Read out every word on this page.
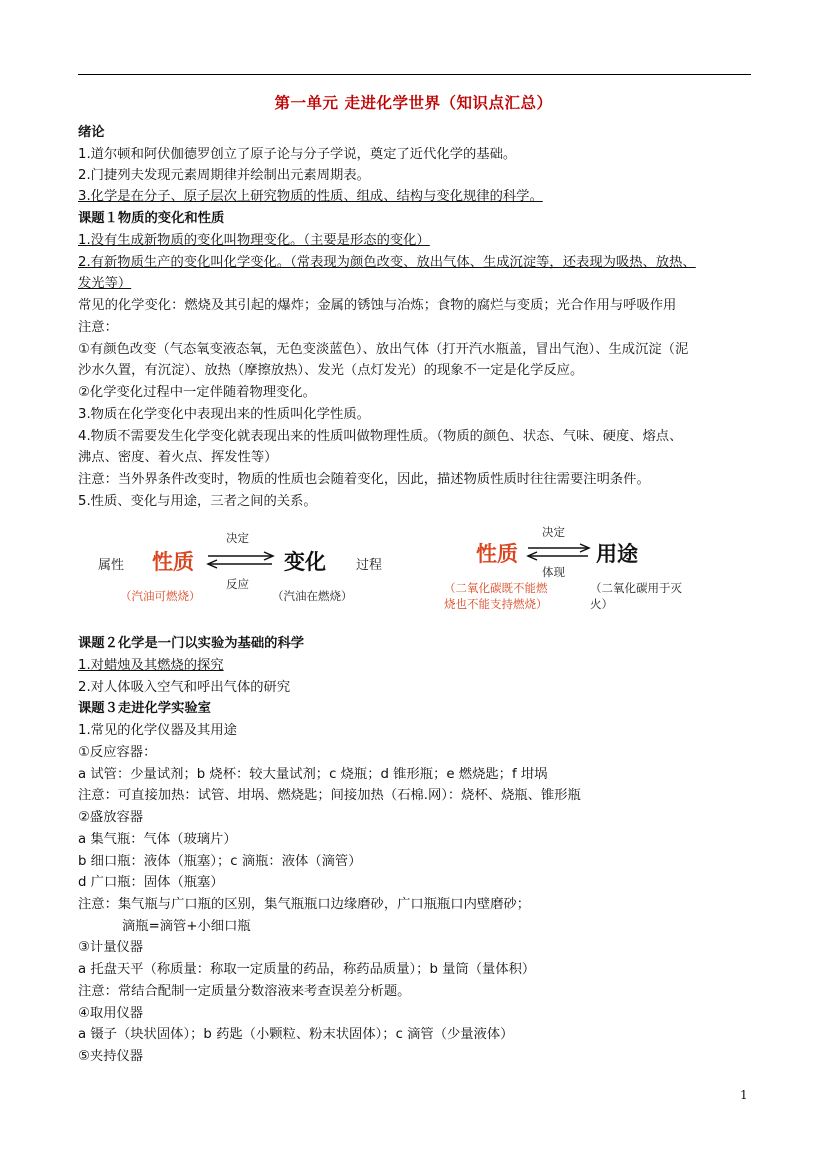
第一单元 走进化学世界（知识点汇总）
绪论
1.道尔顿和阿伏伽德罗创立了原子论与分子学说，奠定了近代化学的基础。
2.门捷列夫发现元素周期律并绘制出元素周期表。
3.化学是在分子、原子层次上研究物质的性质、组成、结构与变化规律的科学。
课题１物质的变化和性质
1.没有生成新物质的变化叫物理变化。（主要是形态的变化）
2.有新物质生产的变化叫化学变化。（常表现为颜色改变、放出气体、生成沉淀等，还表现为吸热、放热、
发光等）
常见的化学变化：燃烧及其引起的爆炸；金属的锈蚀与冶炼；食物的腐烂与变质；光合作用与呼吸作用
注意：
①有颜色改变（气态氧变液态氧，无色变淡蓝色）、放出气体（打开汽水瓶盖，冒出气泡）、生成沉淀（泥
沙水久置，有沉淀）、放热（摩擦放热）、发光（点灯发光）的现象不一定是化学反应。
②化学变化过程中一定伴随着物理变化。
3.物质在化学变化中表现出来的性质叫化学性质。
4.物质不需要发生化学变化就表现出来的性质叫做物理性质。（物质的颜色、状态、气味、硬度、熔点、
沸点、密度、着火点、挥发性等）
注意：当外界条件改变时，物质的性质也会随着变化，因此，描述物质性质时往往需要注明条件。
5.性质、变化与用途，三者之间的关系。
属性 性质
决定
变化 过程
反应
（汽油可燃烧）	（汽油在燃烧）
性质
决定
用途
体现
（二氧化碳既不能燃
烧也不能支持燃烧）
（二氧化碳用于灭火）
课题２化学是一门以实验为基础的科学
1.对蜡烛及其燃烧的探究
2.对人体吸入空气和呼出气体的研究
课题３走进化学实验室
1.常见的化学仪器及其用途
①反应容器：
a 试管：少量试剂；b 烧杯：较大量试剂；c 烧瓶；d 锥形瓶；e 燃烧匙；f 坩埚
注意：可直接加热：试管、坩埚、燃烧匙；间接加热（石棉.网）：烧杯、烧瓶、锥形瓶
②盛放容器
a 集气瓶：气体（玻璃片）
b 细口瓶：液体（瓶塞）；c 滴瓶：液体（滴管）
d 广口瓶：固体（瓶塞）
注意：集气瓶与广口瓶的区别，集气瓶瓶口边缘磨砂，广口瓶瓶口内壁磨砂；
滴瓶=滴管+小细口瓶
③计量仪器
a 托盘天平（称质量：称取一定质量的药品，称药品质量）；b 量筒（量体积）
注意：常结合配制一定质量分数溶液来考查误差分析题。
④取用仪器
a 镊子（块状固体）；b 药匙（小颗粒、粉末状固体）；c 滴管（少量液体）
⑤夹持仪器
1
